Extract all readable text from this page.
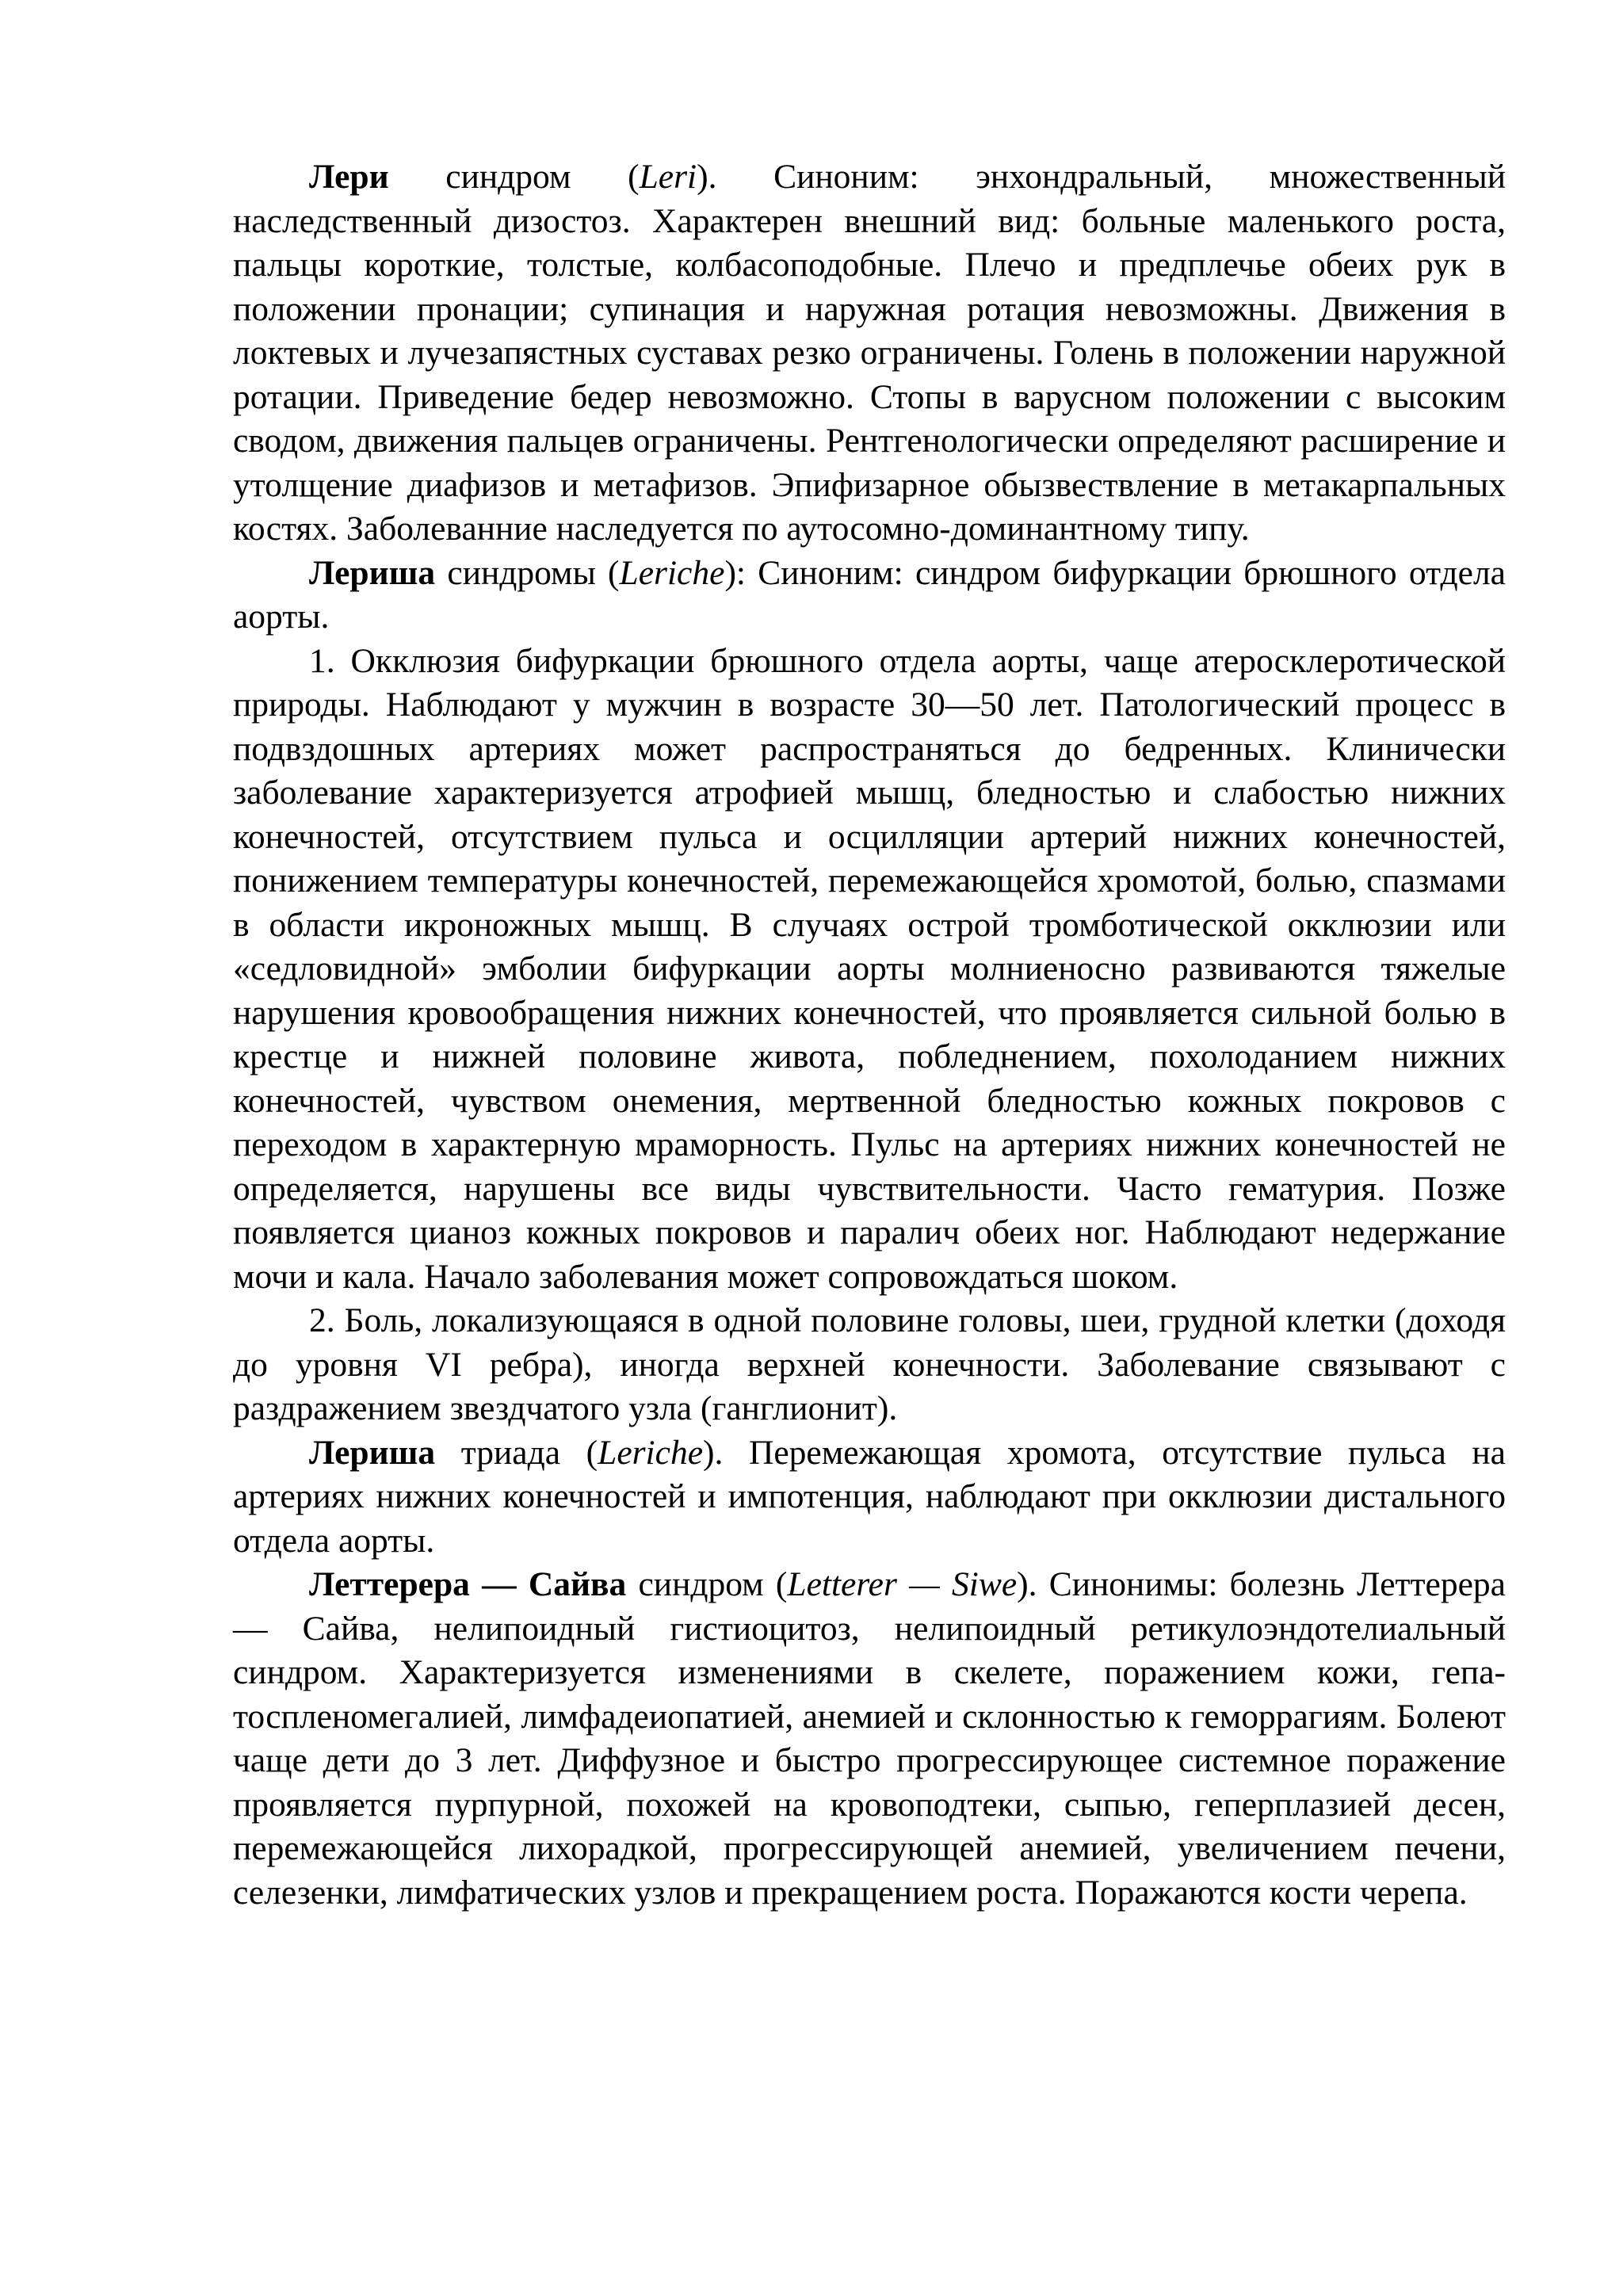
Лери синдром (Leri). Синоним: энхондральный, множественный наследственный дизостоз. Характерен внешний вид: больные маленького роста, пальцы короткие, толстые, колбасоподобные. Плечо и предплечье обеих рук в положении пронации; супинация и наружная ротация невозможны. Движения в локтевых и лучезапястных суставах резко ограничены. Голень в положении наружной ротации. Приведение бедер невозможно. Стопы в варусном положении с высоким сводом, движения пальцев ограничены. Рентгенологически определяют расширение и утолщение диафизов и метафизов. Эпифизарное обызвествление в метакарпальных костях. Заболеванние наследуется по аутосомно-доминантному типу.

Лериша синдромы (Leriche): Синоним: синдром бифуркации брюшного отдела аорты.

1. Окклюзия бифуркации брюшного отдела аорты, чаще атеросклеротической природы. Наблюдают у мужчин в возрасте 30—50 лет. Патологический процесс в подвздошных артериях может распространяться до бедренных. Клинически заболевание характеризуется атрофией мышц, бледностью и слабостью нижних конечностей, отсутствием пульса и осцилляции артерий нижних конечностей, понижением температуры конечностей, перемежающейся хромотой, болью, спазмами в области икроножных мышц. В случаях острой тромботической окклюзии или «седловидной» эмболии бифуркации аорты молниеносно развиваются тяжелые нарушения кровообращения нижних конечностей, что проявляется сильной болью в крестце и нижней половине живота, побледнением, похолоданием нижних конечностей, чувством онемения, мертвенной бледностью кожных покровов с переходом в характерную мраморность. Пульс на артериях нижних конечностей не определяется, нарушены все виды чувствительности. Часто гематурия. Позже появляется цианоз кожных покровов и паралич обеих ног. Наблюдают недержание мочи и кала. Начало заболевания может сопровождаться шоком.

2. Боль, локализующаяся в одной половине головы, шеи, грудной клетки (доходя до уровня VI ребра), иногда верхней конечности. Заболевание связывают с раздражением звездчатого узла (ганглионит).

Лериша триада (Leriche). Перемежающая хромота, отсутствие пульса на артериях нижних конечностей и импотенция, наблюдают при окклюзии дистального отдела аорты.

Леттерера — Сайва синдром (Letterer — Siwe). Синонимы: болезнь Леттерера — Сайва, нелипоидный гистиоцитоз, нелипоидный ретикулоэндотелиальный синдром. Характеризуется изменениями в скелете, поражением кожи, гепа-тоспленомегалией, лимфадеиопатией, анемией и склонностью к геморрагиям. Болеют чаще дети до 3 лет. Диффузное и быстро прогрессирующее системное поражение проявляется пурпурной, похожей на кровоподтеки, сыпью, геперплазией десен, перемежающейся лихорадкой, прогрессирующей анемией, увеличением печени, селезенки, лимфатических узлов и прекращением роста. Поражаются кости черепа.
